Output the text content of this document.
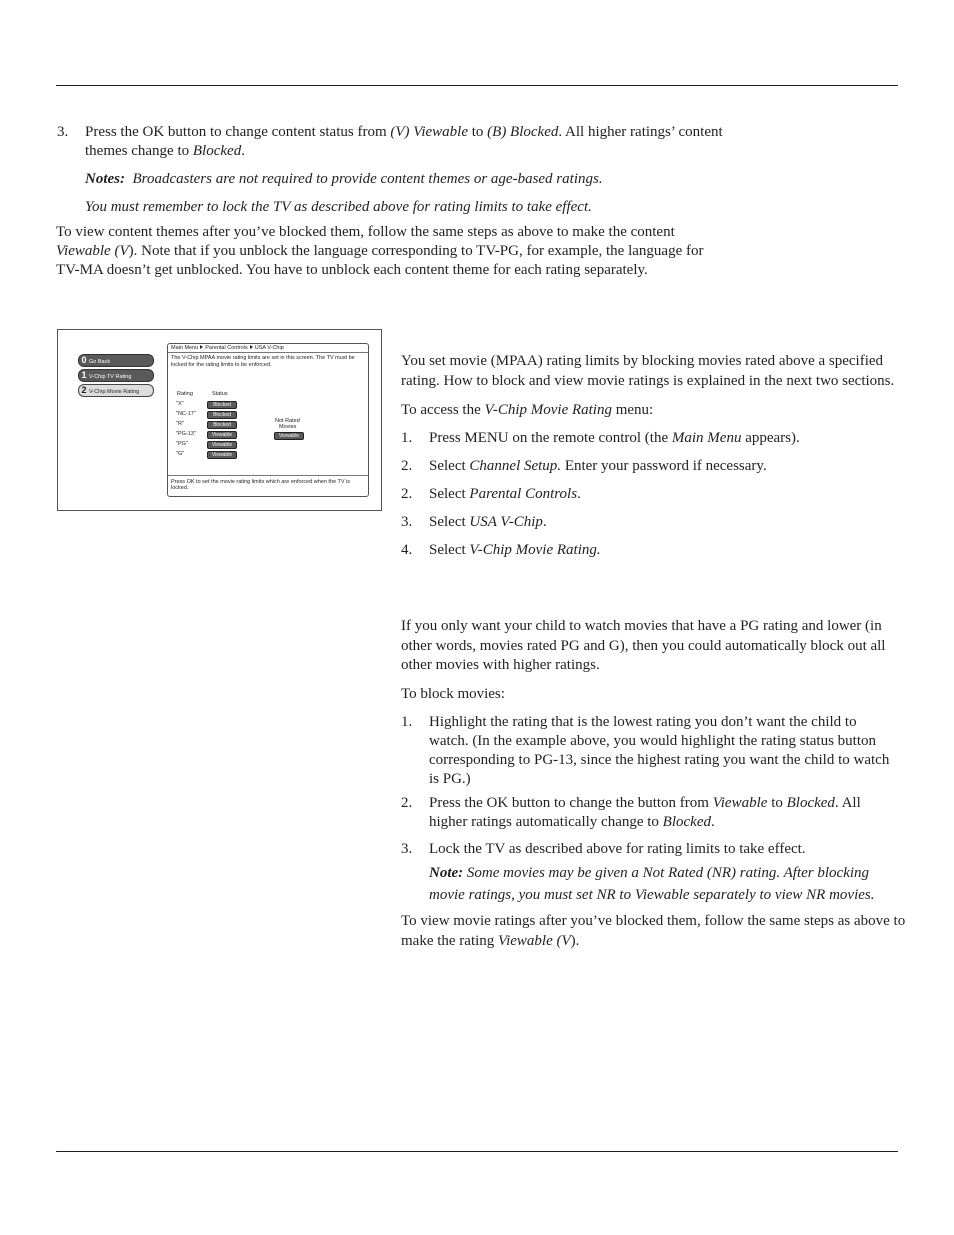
3. Press the OK button to change content status from (V) Viewable to (B) Blocked. All higher ratings’ content

themes change to Blocked.

Notes: Broadcasters are not required to provide content themes or age-based ratings.

You must remember to lock the TV as described above for rating limits to take effect.

To view content themes after you’ve blocked them, follow the same steps as above to make the content

Viewable (V). Note that if you unblock the language corresponding to TV-PG, for example, the language for

TV-MA doesn’t get unblocked. You have to unblock each content theme for each rating separately.

0 Go Back
1 V-Chip TV Rating
2 V-Chip Movie Rating
Main Menu Parental Controls USA V-Chip
The V-Chip MPAA movie rating limits are set in this screen. The TV must be locked for the rating limits to be enforced.
Rating	Status
"X"	Blocked
"NC-17"	Blocked
"R"	Blocked
"PG-13"	Viewable
"PG"	Viewable
"G"	Viewable
Not Rated
Movies
Viewable
Press OK to set the movie rating limits which are enforced when the TV is locked.

You set movie (MPAA) rating limits by blocking movies rated above a specified

rating. How to block and view movie ratings is explained in the next two sections.

To access the V-Chip Movie Rating menu:

1. Press MENU on the remote control (the Main Menu appears).

2. Select Channel Setup. Enter your password if necessary.

2. Select Parental Controls.

3. Select USA V-Chip.

4. Select V-Chip Movie Rating.

If you only want your child to watch movies that have a PG rating and lower (in

other words, movies rated PG and G), then you could automatically block out all

other movies with higher ratings.

To block movies:

1. Highlight the rating that is the lowest rating you don’t want the child to

watch. (In the example above, you would highlight the rating status button

corresponding to PG-13, since the highest rating you want the child to watch

is PG.)

2. Press the OK button to change the button from Viewable to Blocked. All

higher ratings automatically change to Blocked.

3. Lock the TV as described above for rating limits to take effect.

Note: Some movies may be given a Not Rated (NR) rating. After blocking

movie ratings, you must set NR to Viewable separately to view NR movies.

To view movie ratings after you’ve blocked them, follow the same steps as above to

make the rating Viewable (V).
